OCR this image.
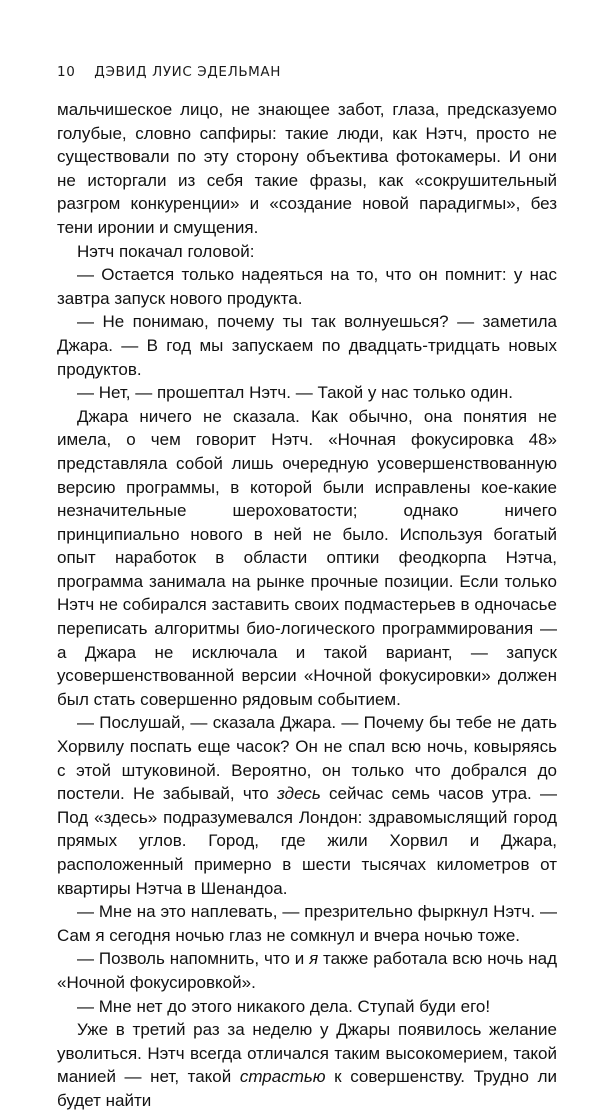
10 ДЭВИД ЛУИС ЭДЕЛЬМАН

мальчишеское лицо, не знающее забот, глаза, предсказуемо голубые, словно сапфиры: такие люди, как Нэтч, просто не существовали по эту сторону объектива фотокамеры. И они не исторгали из себя такие фразы, как «сокрушительный разгром конкуренции» и «создание новой парадигмы», без тени иронии и смущения.

Нэтч покачал головой:

— Остается только надеяться на то, что он помнит: у нас завтра запуск нового продукта.

— Не понимаю, почему ты так волнуешься? — заметила Джара. — В год мы запускаем по двадцать-тридцать новых продуктов.

— Нет, — прошептал Нэтч. — Такой у нас только один.

Джара ничего не сказала. Как обычно, она понятия не имела, о чем говорит Нэтч. «Ночная фокусировка 48» представляла собой лишь очередную усовершенствованную версию программы, в которой были исправлены кое-какие незначительные шероховатости; однако ничего принципиально нового в ней не было. Используя богатый опыт наработок в области оптики феодкорпа Нэтча, программа занимала на рынке прочные позиции. Если только Нэтч не собирался заставить своих подмастерьев в одночасье переписать алгоритмы био-логического программирования — а Джара не исключала и такой вариант, — запуск усовершенствованной версии «Ночной фокусировки» должен был стать совершенно рядовым событием.

— Послушай, — сказала Джара. — Почему бы тебе не дать Хорвилу поспать еще часок? Он не спал всю ночь, ковыряясь с этой штуковиной. Вероятно, он только что добрался до постели. Не забывай, что здесь сейчас семь часов утра. — Под «здесь» подразумевался Лондон: здравомыслящий город прямых углов. Город, где жили Хорвил и Джара, расположенный примерно в шести тысячах километров от квартиры Нэтча в Шенандоа.

— Мне на это наплевать, — презрительно фыркнул Нэтч. — Сам я сегодня ночью глаз не сомкнул и вчера ночью тоже.

— Позволь напомнить, что и я также работала всю ночь над «Ночной фокусировкой».

— Мне нет до этого никакого дела. Ступай буди его!

Уже в третий раз за неделю у Джары появилось желание уволиться. Нэтч всегда отличался таким высокомерием, такой манией — нет, такой страстью к совершенству. Трудно ли будет найти
